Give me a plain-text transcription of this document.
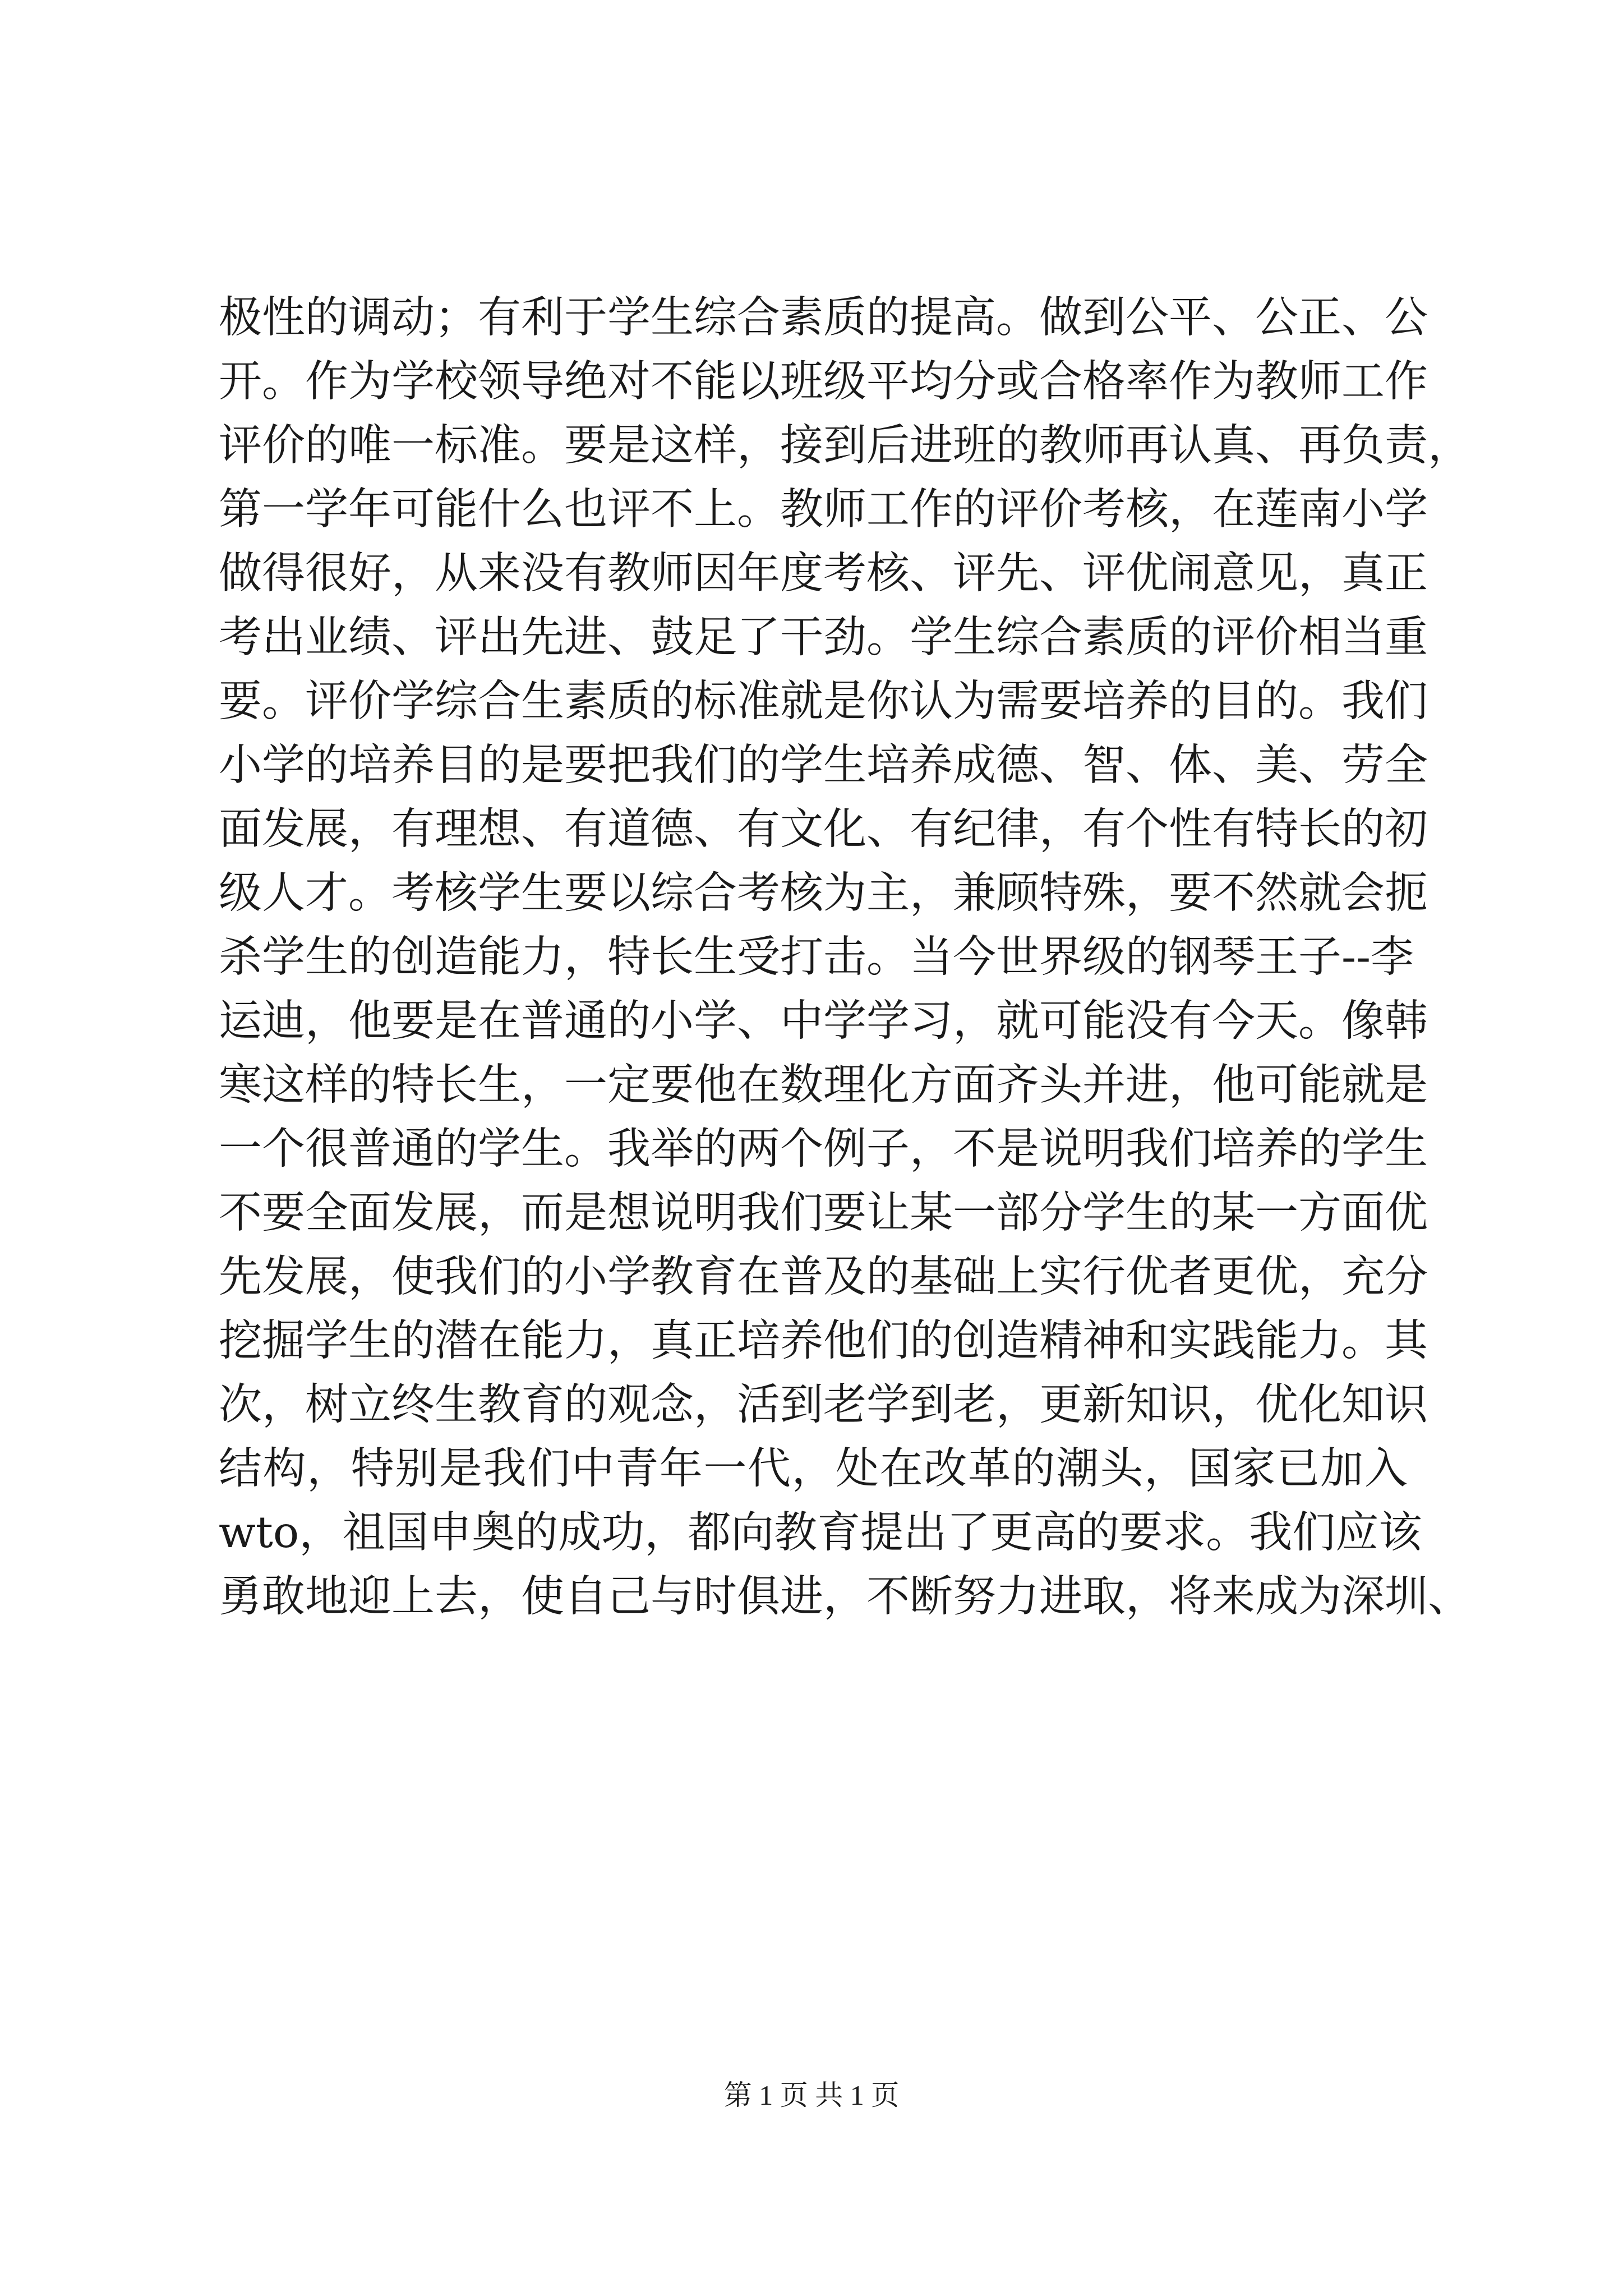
极性的调动；有利于学生综合素质的提高。做到公平、公正、公
开。作为学校领导绝对不能以班级平均分或合格率作为教师工作
评价的唯一标准。要是这样，接到后进班的教师再认真、再负责，
第一学年可能什么也评不上。教师工作的评价考核，在莲南小学
做得很好，从来没有教师因年度考核、评先、评优闹意见，真正
考出业绩、评出先进、鼓足了干劲。学生综合素质的评价相当重
要。评价学综合生素质的标准就是你认为需要培养的目的。我们
小学的培养目的是要把我们的学生培养成德、智、体、美、劳全
面发展，有理想、有道德、有文化、有纪律，有个性有特长的初
级人才。考核学生要以综合考核为主，兼顾特殊，要不然就会扼
杀学生的创造能力，特长生受打击。当今世界级的钢琴王子--李
运迪，他要是在普通的小学、中学学习，就可能没有今天。像韩
寒这样的特长生，一定要他在数理化方面齐头并进，他可能就是
一个很普通的学生。我举的两个例子，不是说明我们培养的学生
不要全面发展，而是想说明我们要让某一部分学生的某一方面优
先发展，使我们的小学教育在普及的基础上实行优者更优，充分
挖掘学生的潜在能力，真正培养他们的创造精神和实践能力。其
次，树立终生教育的观念，活到老学到老，更新知识，优化知识
结构，特别是我们中青年一代，处在改革的潮头，国家已加入
wto，祖国申奥的成功，都向教育提出了更高的要求。我们应该
勇敢地迎上去，使自己与时俱进，不断努力进取，将来成为深圳、
第 1 页 共 1 页
